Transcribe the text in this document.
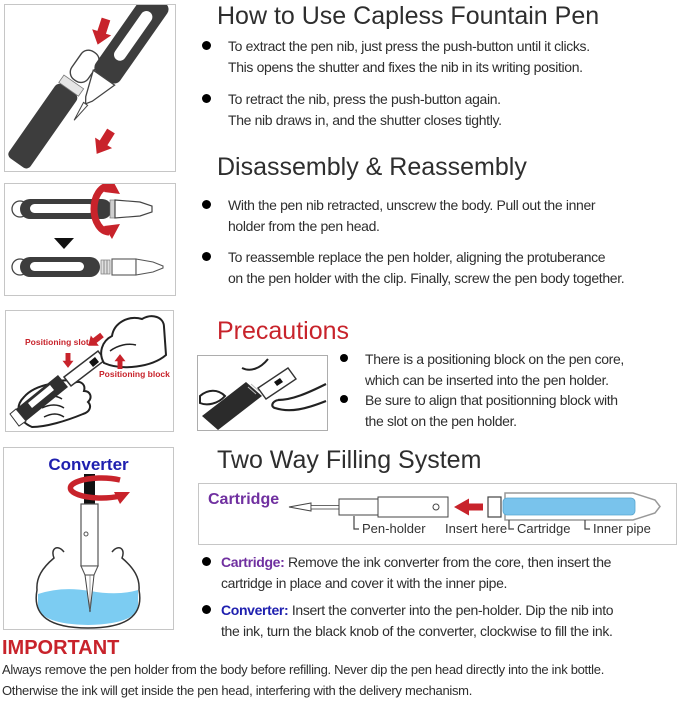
Positioning slot
Positioning block
Converter
Cartridge
Pen-holder Insert here Cartridge Inner pipe
How to Use Capless Fountain Pen
To extract the pen nib, just press the push-button until it clicks.
This opens the shutter and fixes the nib in its writing position.
To retract the nib, press the push-button again.
The nib draws in, and the shutter closes tightly.
Disassembly & Reassembly
With the pen nib retracted, unscrew the body. Pull out the inner
holder from the pen head.
To reassemble replace the pen holder, aligning the protuberance
on the pen holder with the clip. Finally, screw the pen body together.
Precautions
There is a positioning block on the pen core,
which can be inserted into the pen holder.
Be sure to align that positionning block with
the slot on the pen holder.
Two Way Filling System
Cartridge: Remove the ink converter from the core, then insert the
cartridge in place and cover it with the inner pipe.
Converter: Insert the converter into the pen-holder. Dip the nib into
the ink, turn the black knob of the converter, clockwise to fill the ink.
IMPORTANT
Always remove the pen holder from the body before refilling. Never dip the pen head directly into the ink bottle.
Otherwise the ink will get inside the pen head, interfering with the delivery mechanism.
